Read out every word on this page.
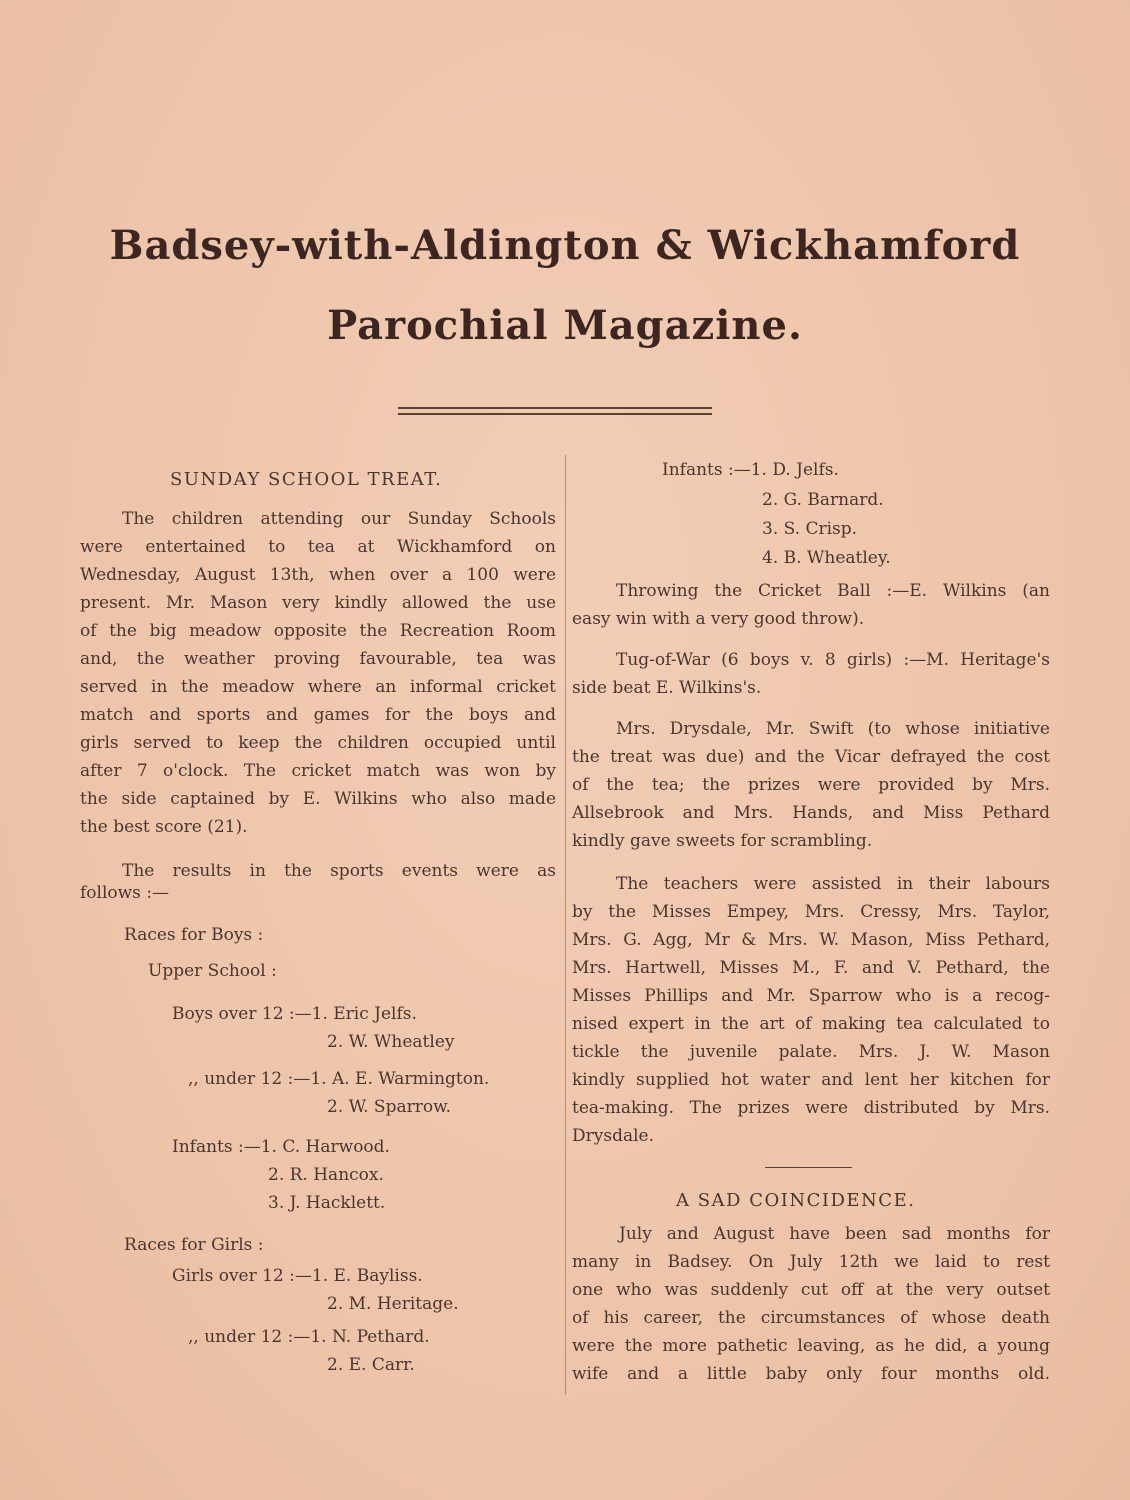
Badsey-with-Aldington & Wickhamford
Parochial Magazine.
SUNDAY SCHOOL TREAT.
The children attending our Sunday Schools
were entertained to tea at Wickhamford on
Wednesday, August 13th, when over a 100 were
present. Mr. Mason very kindly allowed the use
of the big meadow opposite the Recreation Room
and, the weather proving favourable, tea was
served in the meadow where an informal cricket
match and sports and games for the boys and
girls served to keep the children occupied until
after 7 o'clock. The cricket match was won by
the side captained by E. Wilkins who also made
the best score (21).
The results in the sports events were as
follows :—
Races for Boys :
Upper School :
Boys over 12 :—1. Eric Jelfs.
2. W. Wheatley
,, under 12 :—1. A. E. Warmington.
2. W. Sparrow.
Infants :—1. C. Harwood.
2. R. Hancox.
3. J. Hacklett.
Races for Girls :
Girls over 12 :—1. E. Bayliss.
2. M. Heritage.
,, under 12 :—1. N. Pethard.
2. E. Carr.
Infants :—1. D. Jelfs.
2. G. Barnard.
3. S. Crisp.
4. B. Wheatley.
Throwing the Cricket Ball :—E. Wilkins (an
easy win with a very good throw).
Tug-of-War (6 boys v. 8 girls) :—M. Heritage's
side beat E. Wilkins's.
Mrs. Drysdale, Mr. Swift (to whose initiative
the treat was due) and the Vicar defrayed the cost
of the tea; the prizes were provided by Mrs.
Allsebrook and Mrs. Hands, and Miss Pethard
kindly gave sweets for scrambling.
The teachers were assisted in their labours
by the Misses Empey, Mrs. Cressy, Mrs. Taylor,
Mrs. G. Agg, Mr & Mrs. W. Mason, Miss Pethard,
Mrs. Hartwell, Misses M., F. and V. Pethard, the
Misses Phillips and Mr. Sparrow who is a recog-
nised expert in the art of making tea calculated to
tickle the juvenile palate. Mrs. J. W. Mason
kindly supplied hot water and lent her kitchen for
tea-making. The prizes were distributed by Mrs.
Drysdale.
A SAD COINCIDENCE.
July and August have been sad months for
many in Badsey. On July 12th we laid to rest
one who was suddenly cut off at the very outset
of his career, the circumstances of whose death
were the more pathetic leaving, as he did, a young
wife and a little baby only four months old.
